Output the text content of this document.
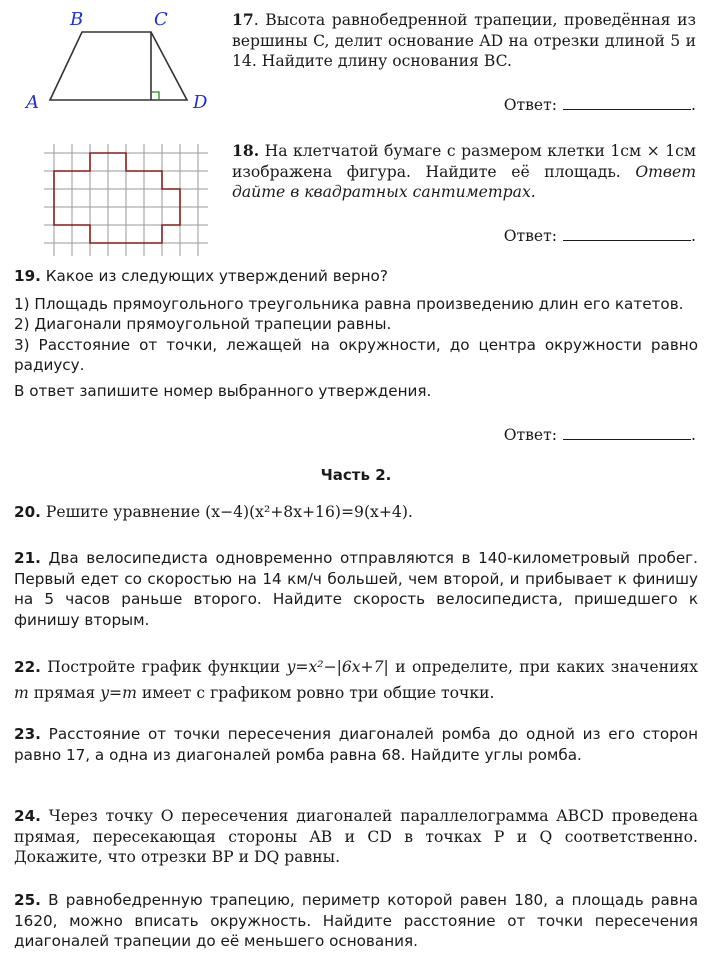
B	C
A	D
17. Высота равнобедренной трапеции, проведённая из вершины C, делит основание AD на отрезки длиной 5 и 14. Найдите длину основания BC.
Ответ:	.
18. На клетчатой бумаге с размером клетки 1см × 1см изображена фигура. Найдите её площадь. Ответ дайте в квадратных сантиметрах.
Ответ:	.
19. Какое из следующих утверждений верно?
1) Площадь прямоугольного треугольника равна произведению длин его катетов.
2) Диагонали прямоугольной трапеции равны.
3) Расстояние от точки, лежащей на окружности, до центра окружности равно радиусу.
В ответ запишите номер выбранного утверждения.
Ответ:	.
Часть 2.
20. Решите уравнение (x−4)(x²+8x+16)=9(x+4).
21. Два велосипедиста одновременно отправляются в 140-километровый пробег. Первый едет со скоростью на 14 км/ч большей, чем второй, и прибывает к финишу на 5 часов раньше второго. Найдите скорость велосипедиста, пришедшего к финишу вторым.
22. Постройте график функции y=x²−|6x+7| и определите, при каких значениях m прямая y=m имеет с графиком ровно три общие точки.
23. Расстояние от точки пересечения диагоналей ромба до одной из его сторон равно 17, а одна из диагоналей ромба равна 68. Найдите углы ромба.
24. Через точку O пересечения диагоналей параллелограмма ABCD проведена прямая, пересекающая стороны AB и CD в точках P и Q соответственно. Докажите, что отрезки BP и DQ равны.
25. В равнобедренную трапецию, периметр которой равен 180, а площадь равна 1620, можно вписать окружность. Найдите расстояние от точки пересечения диагоналей трапеции до её меньшего основания.
